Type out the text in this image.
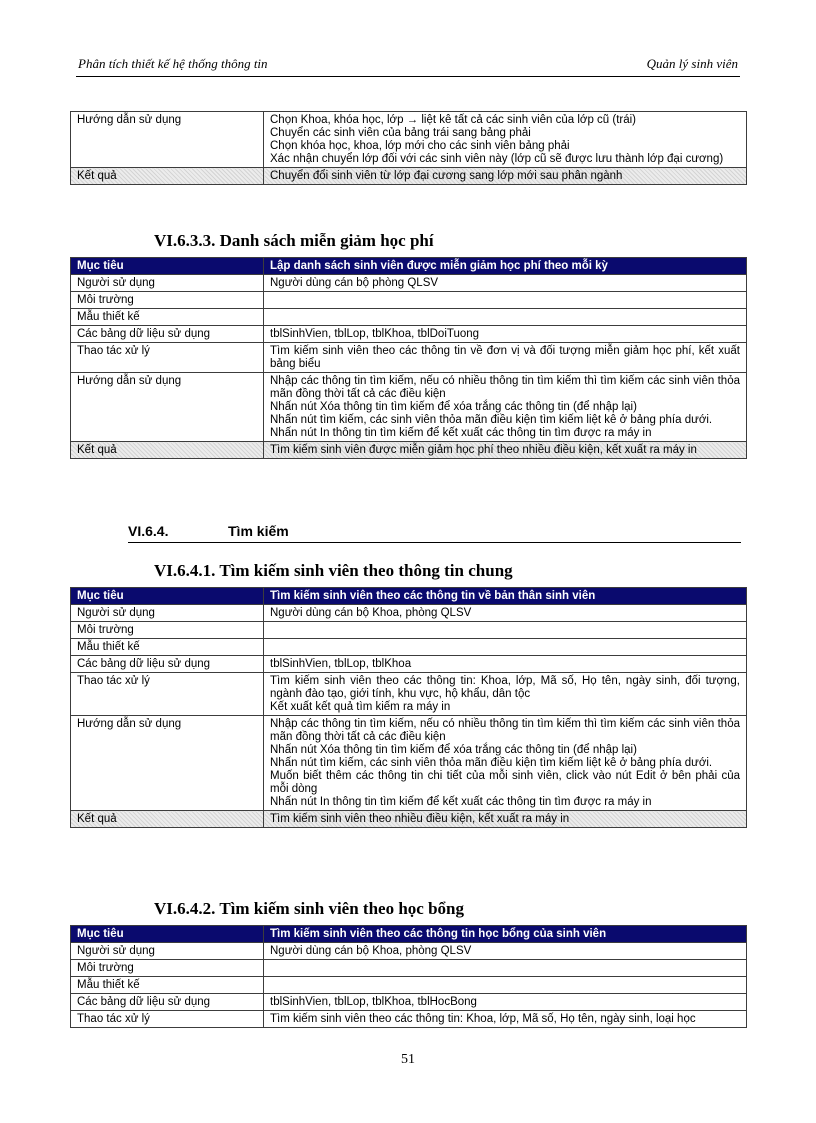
Phân tích thiết kế hệ thống thông tin	Quản lý sinh viên
Hướng dẫn sử dụng	Chọn Khoa, khóa học, lớp → liệt kê tất cả các sinh viên của lớp cũ (trái)
Chuyển các sinh viên của bảng trái sang bảng phải
Chọn khóa học, khoa, lớp mới cho các sinh viên bảng phải
Xác nhận chuyển lớp đối với các sinh viên này (lớp cũ sẽ được lưu thành lớp đại cương)

Kết quả	Chuyển đổi sinh viên từ lớp đại cương sang lớp mới sau phân ngành
VI.6.3.3. Danh sách miễn giảm học phí
Mục tiêu	Lập danh sách sinh viên được miễn giảm học phí theo mỗi kỳ
Người sử dụng	Người dùng cán bộ phòng QLSV
Môi trường	
Mẫu thiết kế	
Các bảng dữ liệu sử dụng	tblSinhVien, tblLop, tblKhoa, tblDoiTuong
Thao tác xử lý	Tìm kiếm sinh viên theo các thông tin về đơn vị và đối tượng miễn giảm học phí, kết xuất bảng biểu
Hướng dẫn sử dụng	Nhập các thông tin tìm kiếm, nếu có nhiều thông tin tìm kiếm thì tìm kiếm các sinh viên thỏa mãn đồng thời tất cả các điều kiện
Nhấn nút Xóa thông tin tìm kiếm để xóa trắng các thông tin (để nhập lại)
Nhấn nút tìm kiếm, các sinh viên thỏa mãn điều kiện tìm kiếm liệt kê ở bảng phía dưới.
Nhấn nút In thông tin tìm kiếm để kết xuất các thông tin tìm được ra máy in

Kết quả	Tìm kiếm sinh viên được miễn giảm học phí theo nhiều điều kiện, kết xuất ra máy in
VI.6.4.	Tìm kiếm
VI.6.4.1. Tìm kiếm sinh viên theo thông tin chung
Mục tiêu	Tìm kiếm sinh viên theo các thông tin về bản thân sinh viên
Người sử dụng	Người dùng cán bộ Khoa, phòng QLSV
Môi trường	
Mẫu thiết kế	
Các bảng dữ liệu sử dụng	tblSinhVien, tblLop, tblKhoa
Thao tác xử lý	Tìm kiếm sinh viên theo các thông tin: Khoa, lớp, Mã số, Họ tên, ngày sinh, đối tượng, ngành đào tạo, giới tính, khu vực, hộ khẩu, dân tộc
Kết xuất kết quả tìm kiếm ra máy in

Hướng dẫn sử dụng	Nhập các thông tin tìm kiếm, nếu có nhiều thông tin tìm kiếm thì tìm kiếm các sinh viên thỏa mãn đồng thời tất cả các điều kiện
Nhấn nút Xóa thông tin tìm kiếm để xóa trắng các thông tin (để nhập lại)
Nhấn nút tìm kiếm, các sinh viên thỏa mãn điều kiện tìm kiếm liệt kê ở bảng phía dưới.
Muốn biết thêm các thông tin chi tiết của mỗi sinh viên, click vào nút Edit ở bên phải của mỗi dòng
Nhấn nút In thông tin tìm kiếm để kết xuất các thông tin tìm được ra máy in

Kết quả	Tìm kiếm sinh viên theo nhiều điều kiện, kết xuất ra máy in
VI.6.4.2. Tìm kiếm sinh viên theo học bổng
Mục tiêu	Tìm kiếm sinh viên theo các thông tin học bổng của sinh viên
Người sử dụng	Người dùng cán bộ Khoa, phòng QLSV
Môi trường	
Mẫu thiết kế	
Các bảng dữ liệu sử dụng	tblSinhVien, tblLop, tblKhoa, tblHocBong
Thao tác xử lý	Tìm kiếm sinh viên theo các thông tin: Khoa, lớp, Mã số, Họ tên, ngày sinh, loại học
51
